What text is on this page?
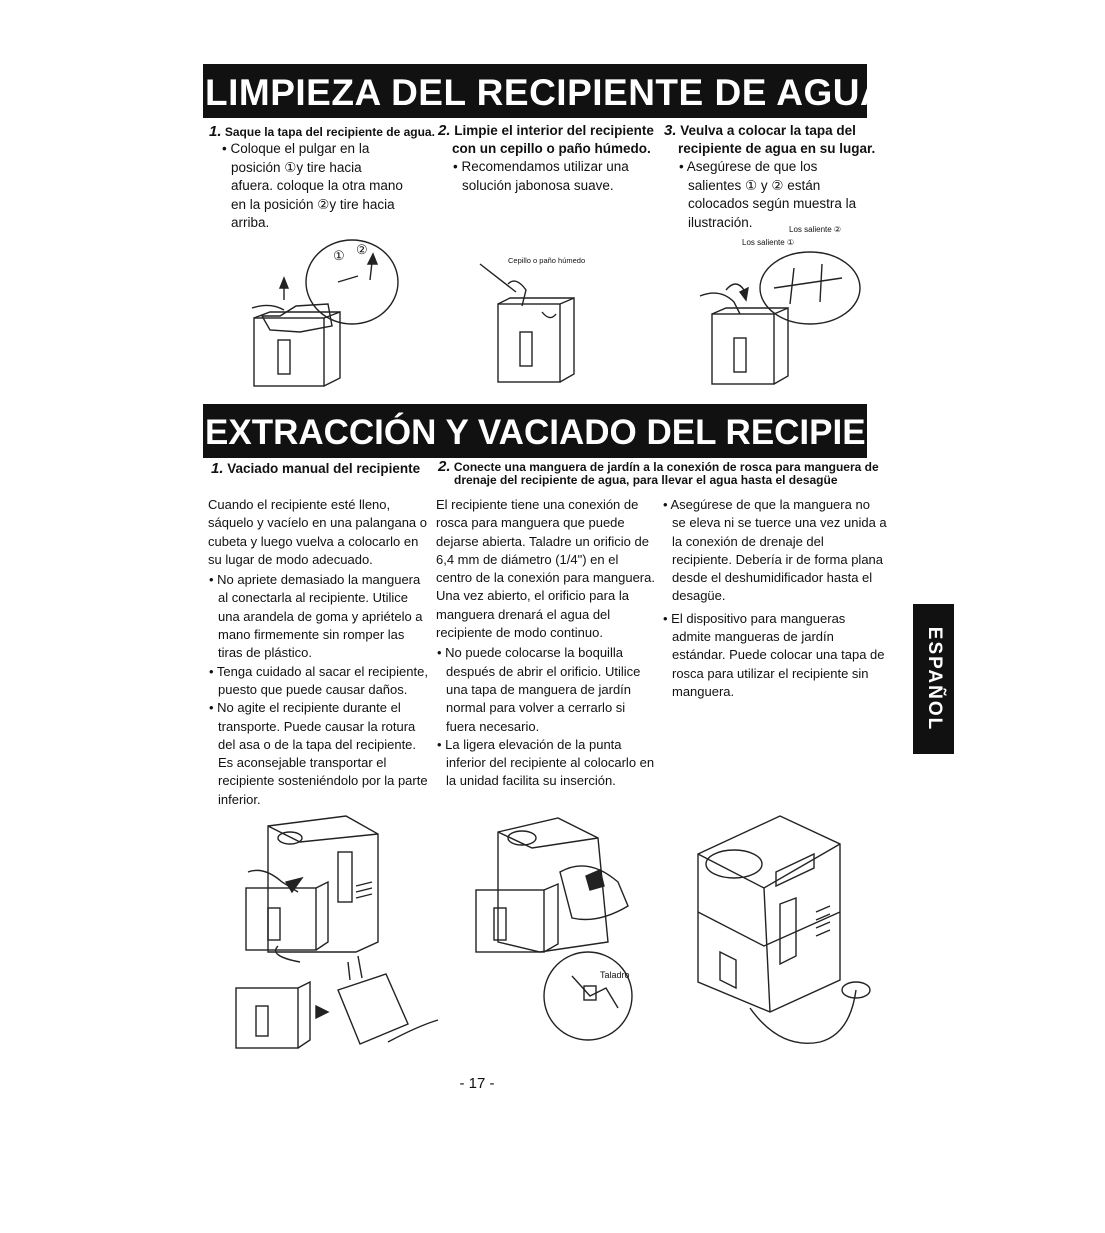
LIMPIEZA DEL RECIPIENTE DE AGUA
1. Saque la tapa del recipiente de agua.
• Coloque el pulgar en la posición ①y tire hacia afuera. coloque la otra mano en la posición ②y tire hacia arriba.
2. Limpie el interior del recipiente con un cepillo o paño húmedo.
• Recomendamos utilizar una solución jabonosa suave.
3. Veulva a colocar la tapa del recipiente de agua en su lugar.
• Asegúrese de que los salientes ① y ② están colocados según muestra la ilustración.
① ②
Cepillo o paño húmedo
Los saliente ②
Los saliente ①
EXTRACCIÓN Y VACIADO DEL RECIPIENTE DE AGUA
1. Vaciado manual del recipiente	2. Conecte una manguera de jardín a la conexión de rosca para manguera de drenaje del recipiente de agua, para llevar el agua hasta el desagüe
Cuando el recipiente esté lleno, sáquelo y vacíelo en una palangana o cubeta y luego vuelva a colocarlo en su lugar de modo adecuado.
• No apriete demasiado la manguera al conectarla al recipiente. Utilice una arandela de goma y apriételo a mano firmemente sin romper las tiras de plástico.
• Tenga cuidado al sacar el recipiente, puesto que puede causar daños.
• No agite el recipiente durante el transporte. Puede causar la rotura del asa o de la tapa del recipiente. Es aconsejable transportar el recipiente sosteniéndolo por la parte inferior.
El recipiente tiene una conexión de rosca para manguera que puede dejarse abierta. Taladre un orificio de 6,4 mm de diámetro (1/4") en el centro de la conexión para manguera. Una vez abierto, el orificio para la manguera drenará el agua del recipiente de modo continuo.
• No puede colocarse la boquilla después de abrir el orificio. Utilice una tapa de manguera de jardín normal para volver a cerrarlo si fuera necesario.
• La ligera elevación de la punta inferior del recipiente al colocarlo en la unidad facilita su inserción.
• Asegúrese de que la manguera no se eleva ni se tuerce una vez unida a la conexión de drenaje del recipiente. Debería ir de forma plana desde el deshumidificador hasta el desagüe.
• El dispositivo para mangueras admite mangueras de jardín estándar. Puede colocar una tapa de rosca para utilizar el recipiente sin manguera.
Taladro
ESPAÑOL
- 17 -
